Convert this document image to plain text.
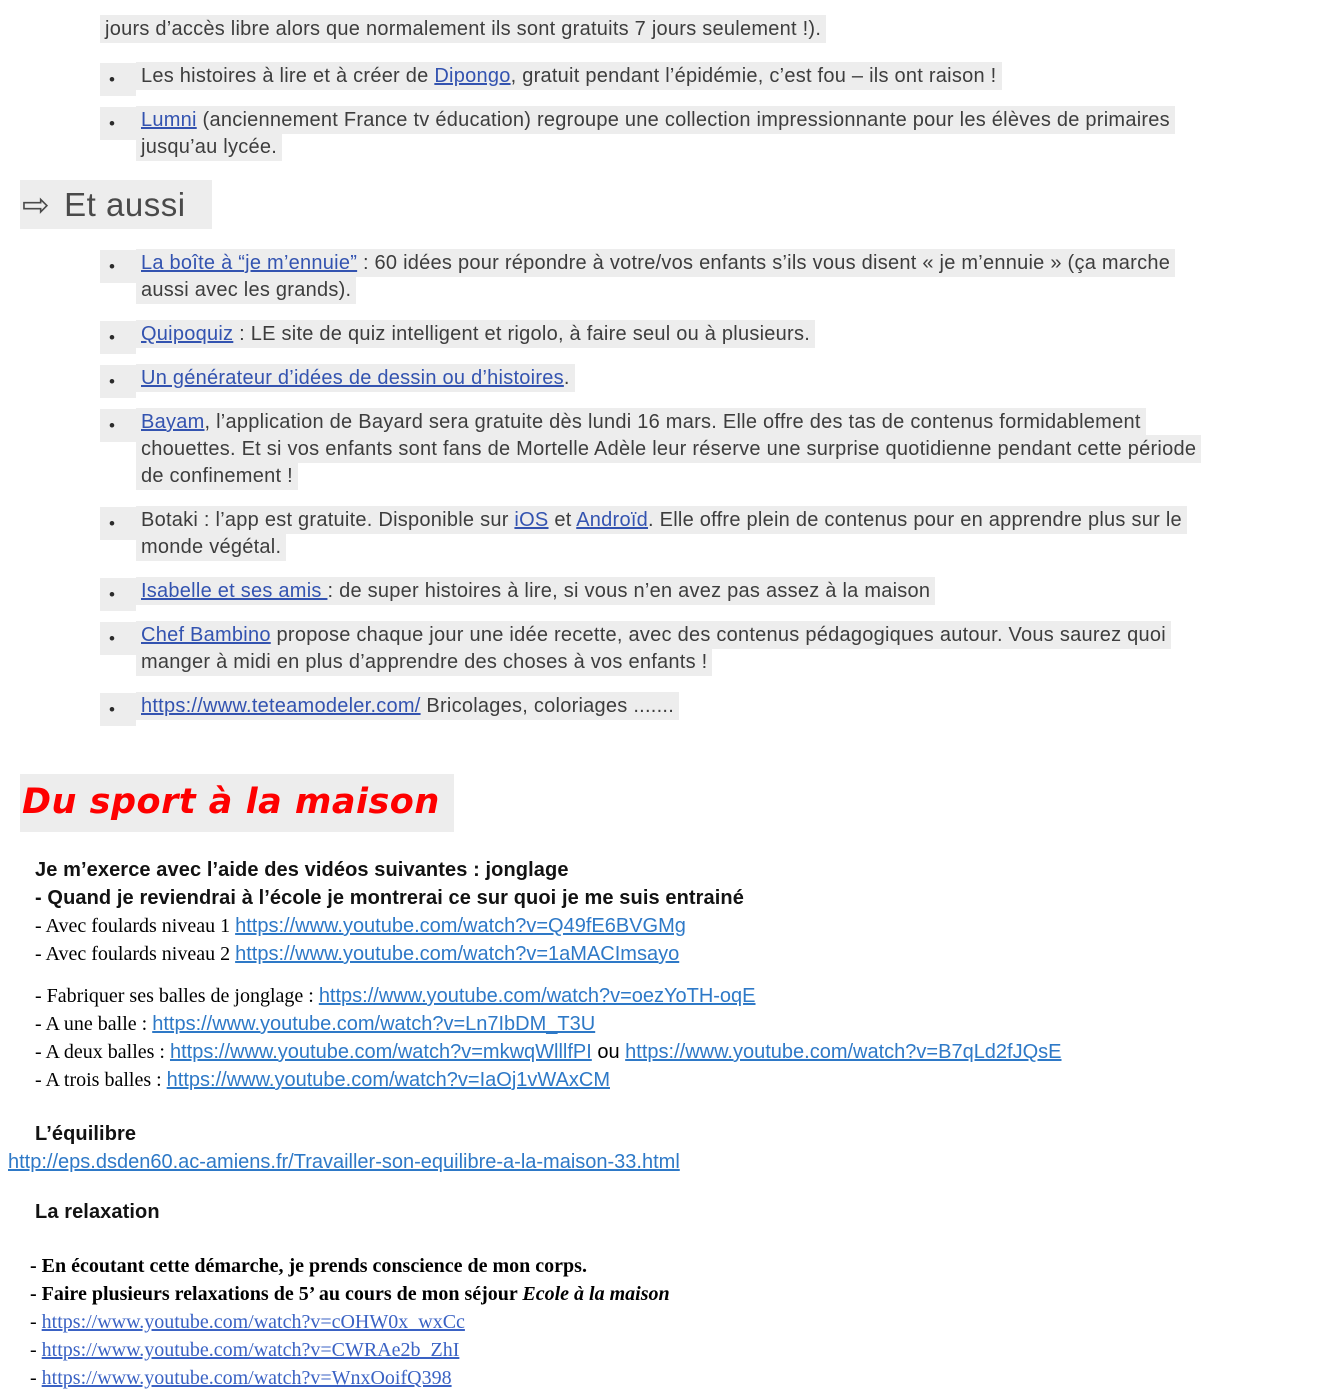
jours d’accès libre alors que normalement ils sont gratuits 7 jours seulement !).
•	Les histoires à lire et à créer de Dipongo, gratuit pendant l’épidémie, c’est fou – ils ont raison !
•	Lumni (anciennement France tv éducation) regroupe une collection impressionnante pour les élèves de primaires jusqu’au lycée.
⇨ Et aussi
•	La boîte à “je m’ennuie” : 60 idées pour répondre à votre/vos enfants s’ils vous disent « je m’ennuie » (ça marche aussi avec les grands).
•	Quipoquiz : LE site de quiz intelligent et rigolo, à faire seul ou à plusieurs.
•	Un générateur d’idées de dessin ou d’histoires.
•	Bayam, l’application de Bayard sera gratuite dès lundi 16 mars. Elle offre des tas de contenus formidablement chouettes. Et si vos enfants sont fans de Mortelle Adèle leur réserve une surprise quotidienne pendant cette période de confinement !
•	Botaki : l’app est gratuite. Disponible sur iOS et Androïd. Elle offre plein de contenus pour en apprendre plus sur le monde végétal.
•	Isabelle et ses amis : de super histoires à lire, si vous n’en avez pas assez à la maison
•	Chef Bambino propose chaque jour une idée recette, avec des contenus pédagogiques autour. Vous saurez quoi manger à midi en plus d’apprendre des choses à vos enfants !
•	https://www.teteamodeler.com/ Bricolages, coloriages .......
Du sport à la maison
Je m’exerce avec l’aide des vidéos suivantes : jonglage
- Quand je reviendrai à l’école je montrerai ce sur quoi je me suis entrainé
- Avec foulards niveau 1 https://www.youtube.com/watch?v=Q49fE6BVGMg
- Avec foulards niveau 2 https://www.youtube.com/watch?v=1aMACImsayo
- Fabriquer ses balles de jonglage : https://www.youtube.com/watch?v=oezYoTH-oqE
- A une balle : https://www.youtube.com/watch?v=Ln7IbDM_T3U
- A deux balles : https://www.youtube.com/watch?v=mkwqWlllfPI ou https://www.youtube.com/watch?v=B7qLd2fJQsE
- A trois balles : https://www.youtube.com/watch?v=IaOj1vWAxCM
L’équilibre
http://eps.dsden60.ac-amiens.fr/Travailler-son-equilibre-a-la-maison-33.html
La relaxation
- En écoutant cette démarche, je prends conscience de mon corps.
- Faire plusieurs relaxations de 5’ au cours de mon séjour Ecole à la maison
- https://www.youtube.com/watch?v=cOHW0x_wxCc
- https://www.youtube.com/watch?v=CWRAe2b_ZhI
- https://www.youtube.com/watch?v=WnxOoifQ398
